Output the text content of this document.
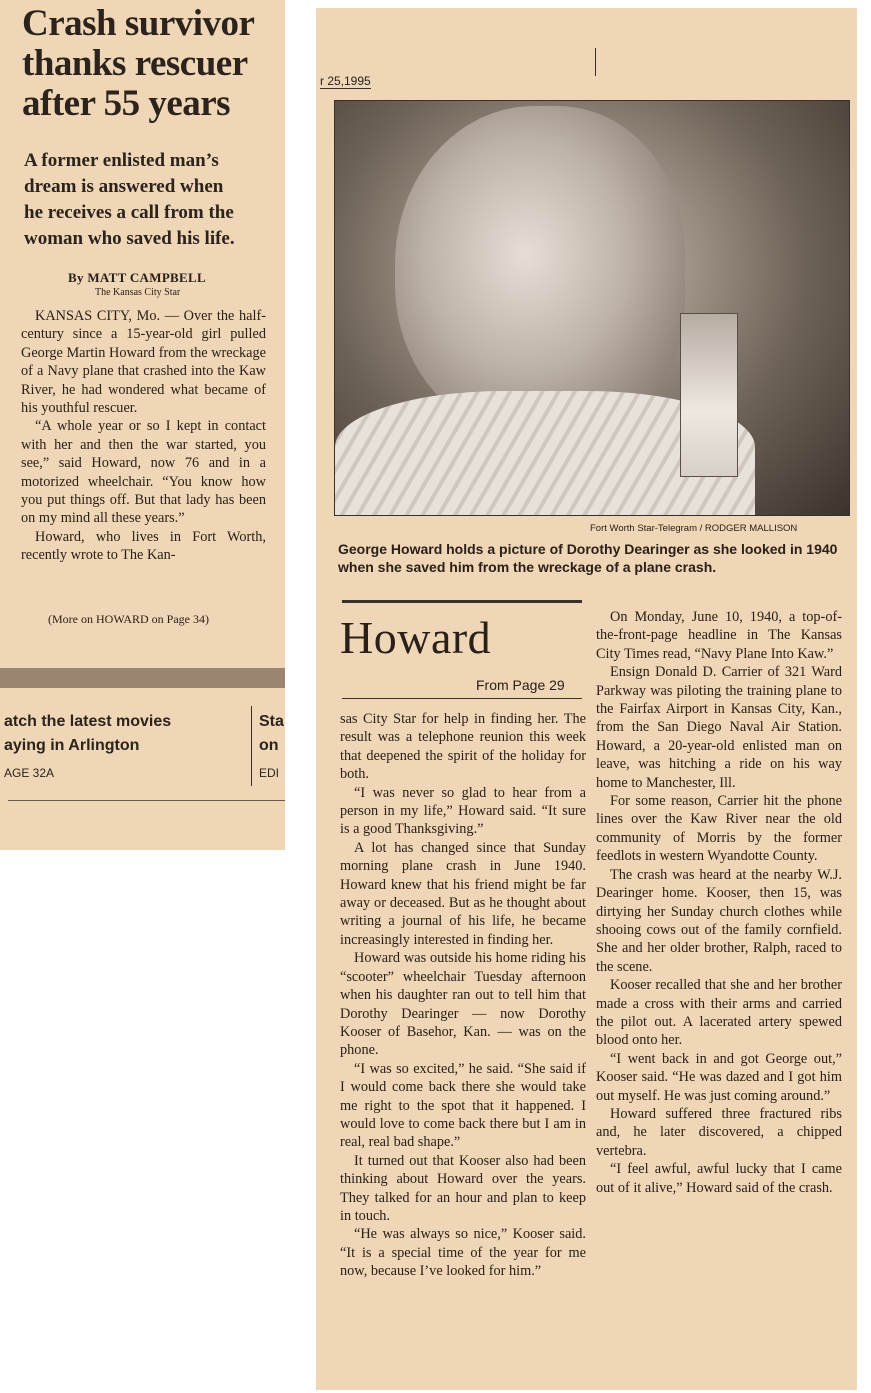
Crash survivor
thanks rescuer
after 55 years
A former enlisted man’s
dream is answered when
he receives a call from the
woman who saved his life.
By MATT CAMPBELL
The Kansas City Star

KANSAS CITY, Mo. — Over the half-century since a 15-year-old girl pulled George Martin Howard from the wreckage of a Navy plane that crashed into the Kaw River, he had wondered what became of his youthful rescuer.

“A whole year or so I kept in contact with her and then the war started, you see,” said Howard, now 76 and in a motorized wheelchair. “You know how you put things off. But that lady has been on my mind all these years.”

Howard, who lives in Fort Worth, recently wrote to The Kan-

(More on HOWARD on Page 34)
atch the latest movies
aying in Arlington
AGE 32A
Sta
on
EDI
r 25,1995
Fort Worth Star-Telegram / RODGER MALLISON
George Howard holds a picture of Dorothy Dearinger as she looked in 1940 when she saved him from the wreckage of a plane crash.
Howard
From Page 29

sas City Star for help in finding her. The result was a telephone reunion this week that deepened the spirit of the holiday for both.

“I was never so glad to hear from a person in my life,” Howard said. “It sure is a good Thanksgiving.”

A lot has changed since that Sunday morning plane crash in June 1940. Howard knew that his friend might be far away or deceased. But as he thought about writing a journal of his life, he became increasingly interested in finding her.

Howard was outside his home riding his “scooter” wheelchair Tuesday afternoon when his daughter ran out to tell him that Dorothy Dearinger — now Dorothy Kooser of Basehor, Kan. — was on the phone.

“I was so excited,” he said. “She said if I would come back there she would take me right to the spot that it happened. I would love to come back there but I am in real, real bad shape.”

It turned out that Kooser also had been thinking about Howard over the years. They talked for an hour and plan to keep in touch.

“He was always so nice,” Kooser said. “It is a special time of the year for me now, because I’ve looked for him.”

On Monday, June 10, 1940, a top-of-the-front-page headline in The Kansas City Times read, “Navy Plane Into Kaw.”

Ensign Donald D. Carrier of 321 Ward Parkway was piloting the training plane to the Fairfax Airport in Kansas City, Kan., from the San Diego Naval Air Station. Howard, a 20-year-old enlisted man on leave, was hitching a ride on his way home to Manchester, Ill.

For some reason, Carrier hit the phone lines over the Kaw River near the old community of Morris by the former feedlots in western Wyandotte County.

The crash was heard at the nearby W.J. Dearinger home. Kooser, then 15, was dirtying her Sunday church clothes while shooing cows out of the family cornfield. She and her older brother, Ralph, raced to the scene.

Kooser recalled that she and her brother made a cross with their arms and carried the pilot out. A lacerated artery spewed blood onto her.

“I went back in and got George out,” Kooser said. “He was dazed and I got him out myself. He was just coming around.”

Howard suffered three fractured ribs and, he later discovered, a chipped vertebra.

“I feel awful, awful lucky that I came out of it alive,” Howard said of the crash.
